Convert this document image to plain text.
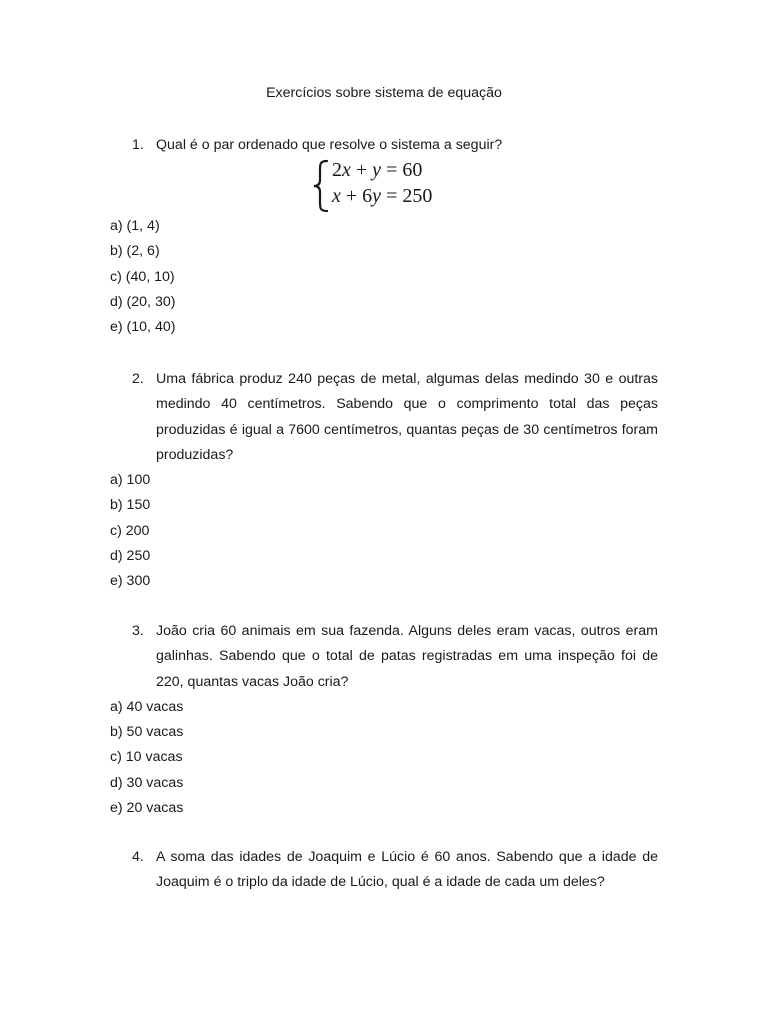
Exercícios sobre sistema de equação
1. Qual é o par ordenado que resolve o sistema a seguir?
2x + y = 60
x + 6y = 250
a) (1, 4)
b) (2, 6)
c) (40, 10)
d) (20, 30)
e) (10, 40)
2. Uma fábrica produz 240 peças de metal, algumas delas medindo 30 e outras medindo 40 centímetros. Sabendo que o comprimento total das peças produzidas é igual a 7600 centímetros, quantas peças de 30 centímetros foram produzidas?
a) 100
b) 150
c) 200
d) 250
e) 300
3. João cria 60 animais em sua fazenda. Alguns deles eram vacas, outros eram galinhas. Sabendo que o total de patas registradas em uma inspeção foi de 220, quantas vacas João cria?
a) 40 vacas
b) 50 vacas
c) 10 vacas
d) 30 vacas
e) 20 vacas
4. A soma das idades de Joaquim e Lúcio é 60 anos. Sabendo que a idade de Joaquim é o triplo da idade de Lúcio, qual é a idade de cada um deles?
